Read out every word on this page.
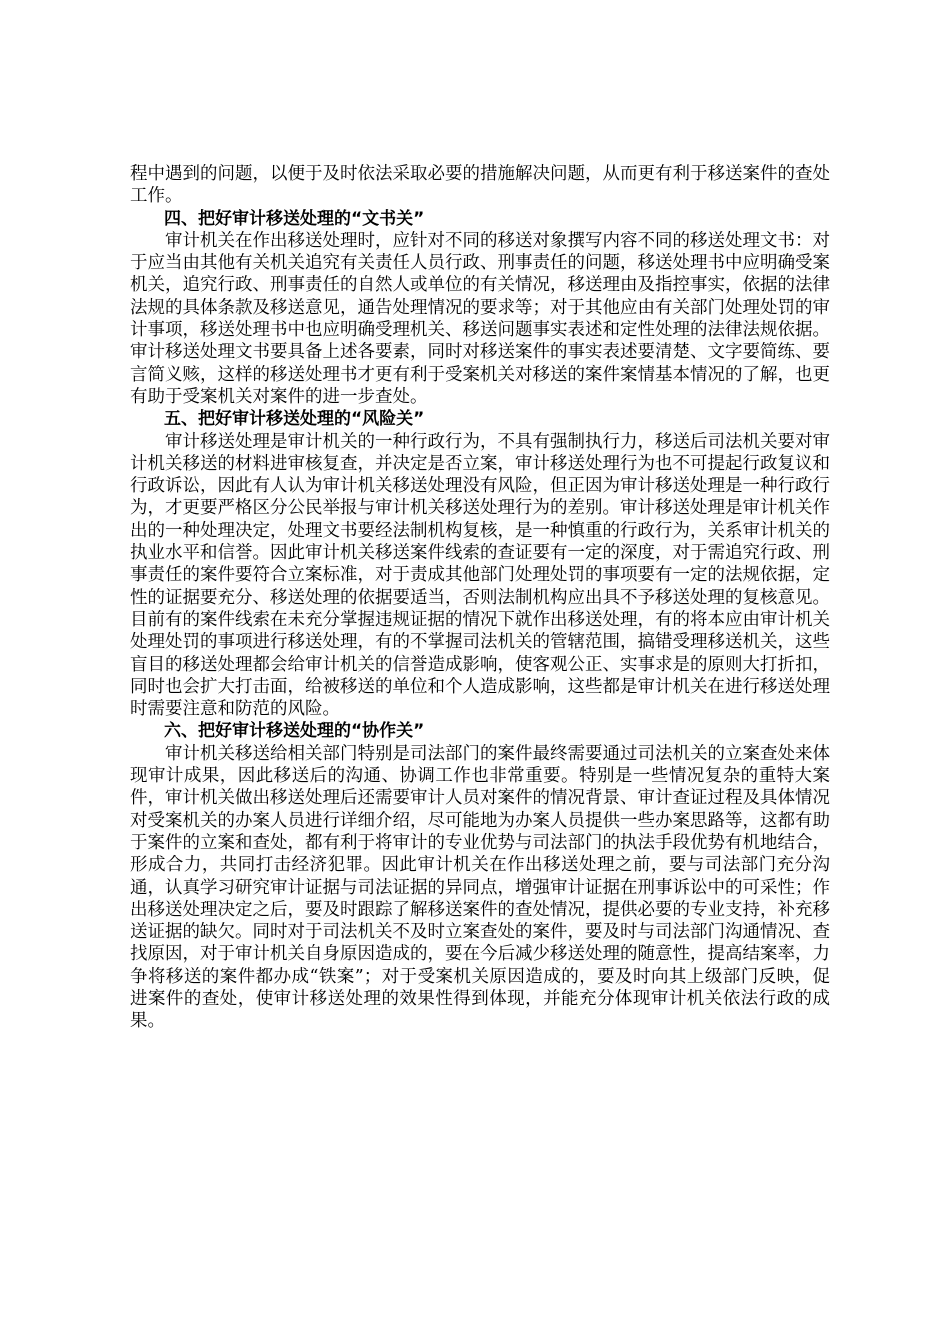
程中遇到的问题，以便于及时依法采取必要的措施解决问题，从而更有利于移送案件的查处工作。

四、把好审计移送处理的“文书关”

审计机关在作出移送处理时，应针对不同的移送对象撰写内容不同的移送处理文书：对于应当由其他有关机关追究有关责任人员行政、刑事责任的问题，移送处理书中应明确受案机关，追究行政、刑事责任的自然人或单位的有关情况，移送理由及指控事实，依据的法律法规的具体条款及移送意见，通告处理情况的要求等；对于其他应由有关部门处理处罚的审计事项，移送处理书中也应明确受理机关、移送问题事实表述和定性处理的法律法规依据。审计移送处理文书要具备上述各要素，同时对移送案件的事实表述要清楚、文字要简练、要言简义赅，这样的移送处理书才更有利于受案机关对移送的案件案情基本情况的了解，也更有助于受案机关对案件的进一步查处。

五、把好审计移送处理的“风险关”

审计移送处理是审计机关的一种行政行为，不具有强制执行力，移送后司法机关要对审计机关移送的材料进审核复查，并决定是否立案，审计移送处理行为也不可提起行政复议和行政诉讼，因此有人认为审计机关移送处理没有风险，但正因为审计移送处理是一种行政行为，才更要严格区分公民举报与审计机关移送处理行为的差别。审计移送处理是审计机关作出的一种处理决定，处理文书要经法制机构复核，是一种慎重的行政行为，关系审计机关的执业水平和信誉。因此审计机关移送案件线索的查证要有一定的深度，对于需追究行政、刑事责任的案件要符合立案标准，对于责成其他部门处理处罚的事项要有一定的法规依据，定性的证据要充分、移送处理的依据要适当，否则法制机构应出具不予移送处理的复核意见。目前有的案件线索在未充分掌握违规证据的情况下就作出移送处理，有的将本应由审计机关处理处罚的事项进行移送处理，有的不掌握司法机关的管辖范围，搞错受理移送机关，这些盲目的移送处理都会给审计机关的信誉造成影响，使客观公正、实事求是的原则大打折扣，同时也会扩大打击面，给被移送的单位和个人造成影响，这些都是审计机关在进行移送处理时需要注意和防范的风险。

六、把好审计移送处理的“协作关”

审计机关移送给相关部门特别是司法部门的案件最终需要通过司法机关的立案查处来体现审计成果，因此移送后的沟通、协调工作也非常重要。特别是一些情况复杂的重特大案件，审计机关做出移送处理后还需要审计人员对案件的情况背景、审计查证过程及具体情况对受案机关的办案人员进行详细介绍，尽可能地为办案人员提供一些办案思路等，这都有助于案件的立案和查处，都有利于将审计的专业优势与司法部门的执法手段优势有机地结合，形成合力，共同打击经济犯罪。因此审计机关在作出移送处理之前，要与司法部门充分沟通，认真学习研究审计证据与司法证据的异同点，增强审计证据在刑事诉讼中的可采性；作出移送处理决定之后，要及时跟踪了解移送案件的查处情况，提供必要的专业支持，补充移送证据的缺欠。同时对于司法机关不及时立案查处的案件，要及时与司法部门沟通情况、查找原因，对于审计机关自身原因造成的，要在今后减少移送处理的随意性，提高结案率，力争将移送的案件都办成“铁案”；对于受案机关原因造成的，要及时向其上级部门反映，促进案件的查处，使审计移送处理的效果性得到体现，并能充分体现审计机关依法行政的成果。
